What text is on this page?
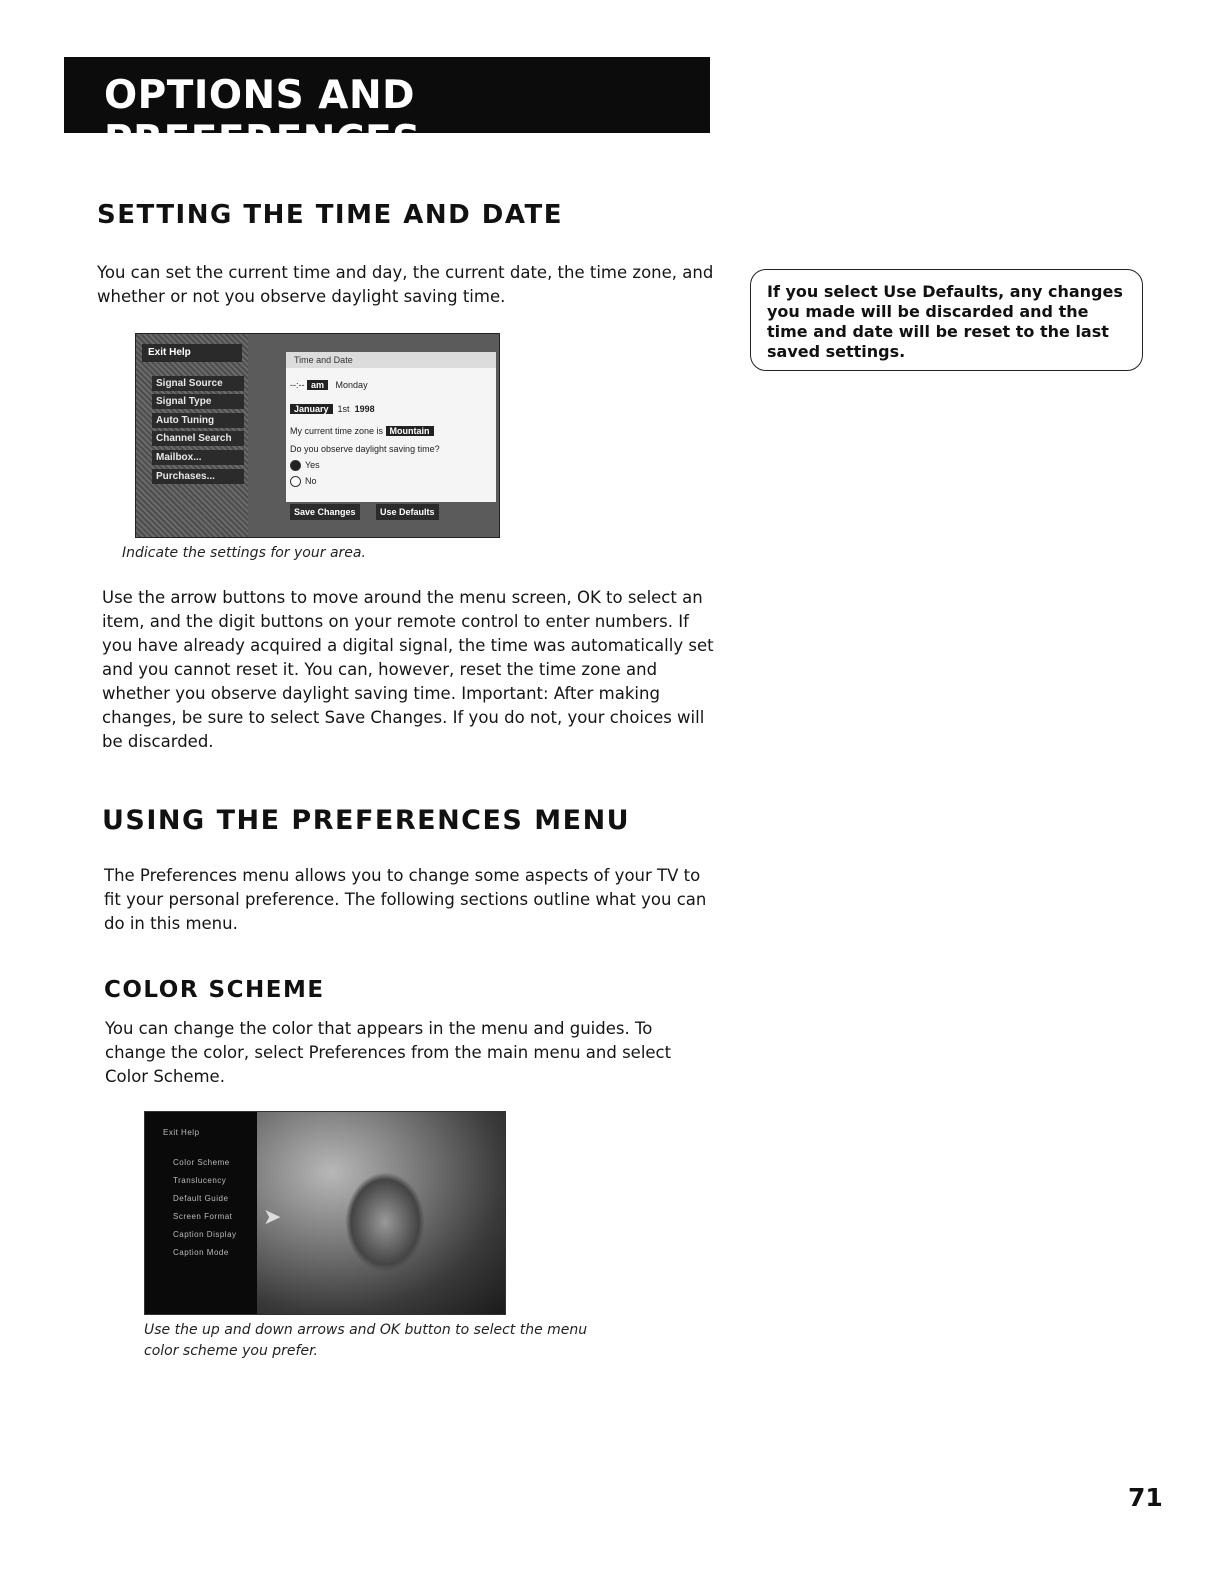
OPTIONS AND PREFERENCES
SETTING THE TIME AND DATE

You can set the current time and day, the current date, the time zone, and whether or not you observe daylight saving time.

Exit Help
Signal Source
Signal Type
Auto Tuning
Channel Search
Mailbox...
Purchases...
Time and Date
--:-- am Monday
January 1st 1998
My current time zone is Mountain
Do you observe daylight saving time?
Yes
No
Save Changes	Use Defaults
Indicate the settings for your area.

If you select Use Defaults, any changes you made will be discarded and the time and date will be reset to the last saved settings.

Use the arrow buttons to move around the menu screen, OK to select an item, and the digit buttons on your remote control to enter numbers. If you have already acquired a digital signal, the time was automatically set and you cannot reset it. You can, however, reset the time zone and whether you observe daylight saving time. Important: After making changes, be sure to select Save Changes. If you do not, your choices will be discarded.

USING THE PREFERENCES MENU

The Preferences menu allows you to change some aspects of your TV to fit your personal preference. The following sections outline what you can do in this menu.

COLOR SCHEME

You can change the color that appears in the menu and guides. To change the color, select Preferences from the main menu and select Color Scheme.

Exit Help
Color Scheme
Translucency
Default Guide
Screen Format
Caption Display
Caption Mode
➤
Use the up and down arrows and OK button to select the menu color scheme you prefer.
71
